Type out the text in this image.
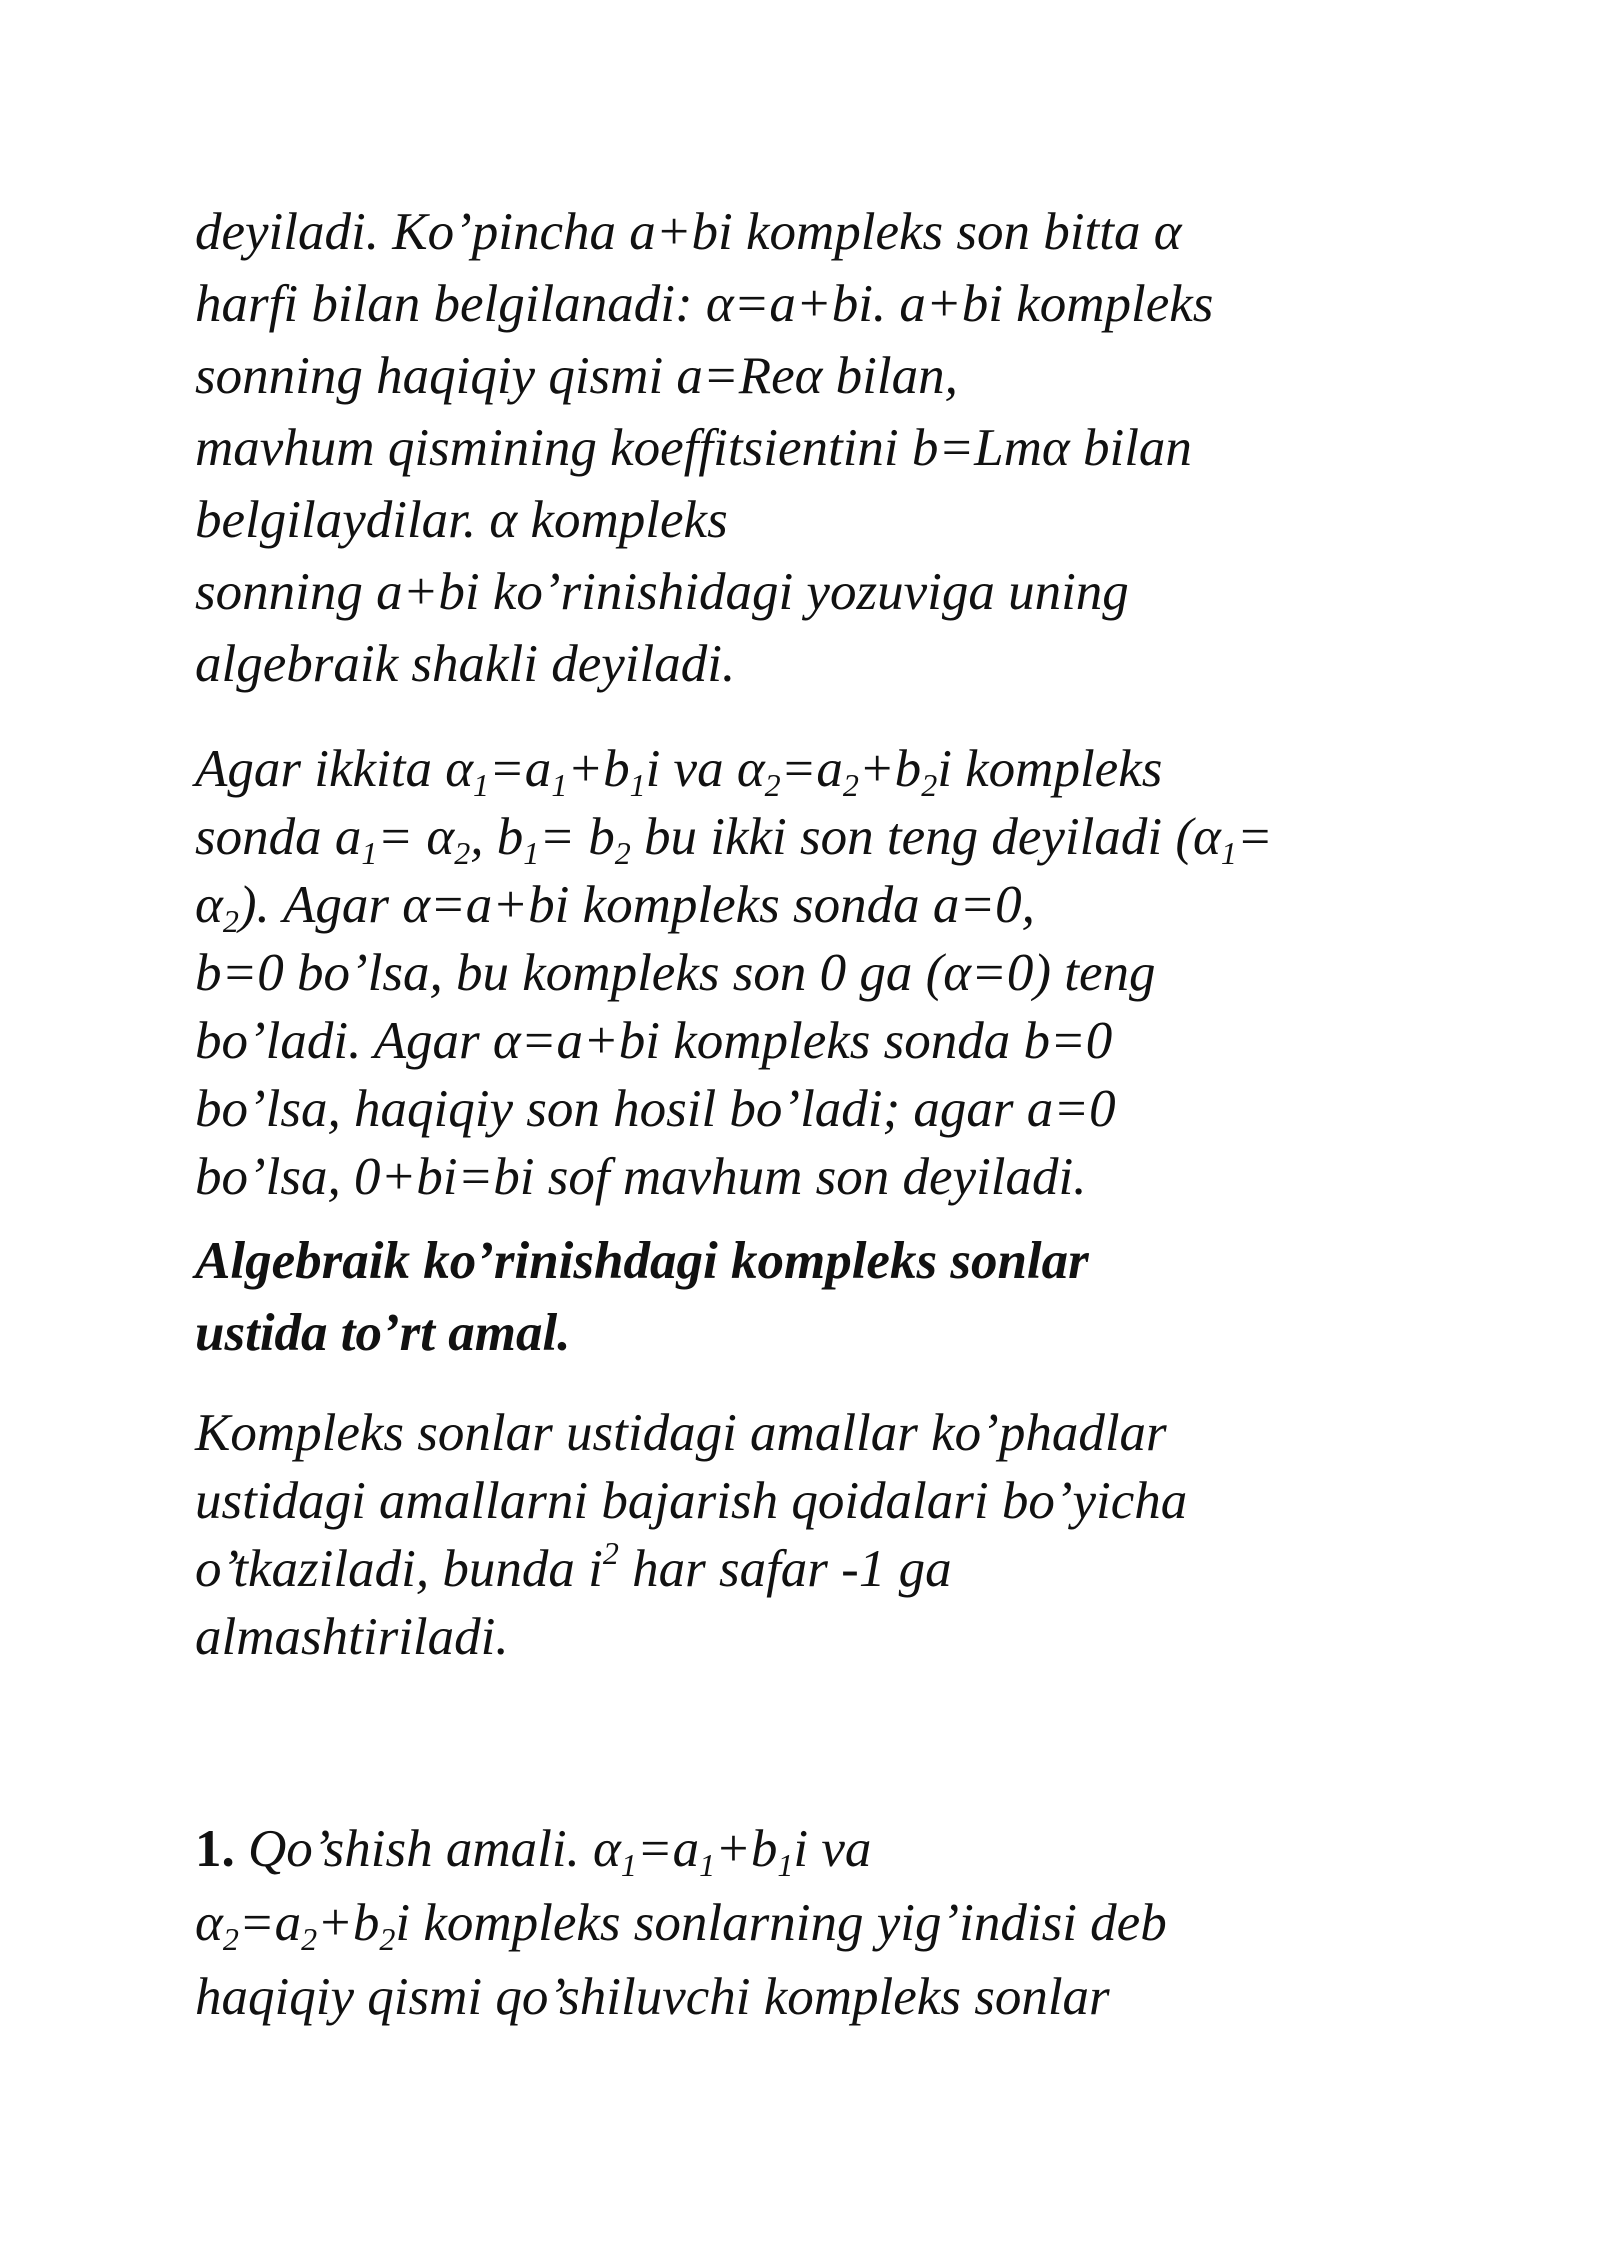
deyiladi. Ko’pincha a+bi kompleks son bitta α
harfi bilan belgilanadi: α=a+bi. a+bi kompleks
sonning haqiqiy qismi a=Reα bilan,
mavhum qismining koeffitsientini b=Lmα bilan
belgilaydilar. α kompleks
sonning a+bi ko’rinishidagi yozuviga uning
algebraik shakli deyiladi.
Agar ikkita $\alpha_1=a_1+b_1i$ va $\alpha_2=a_2+b_2i$ kompleks
sonda $a_1= \alpha_2$, $b_1= b_2$ bu ikki son teng deyiladi ($\alpha_1=$
$\alpha_2$). Agar α=a+bi kompleks sonda a=0,
b=0 bo’lsa, bu kompleks son 0 ga (α=0) teng
bo’ladi. Agar α=a+bi kompleks sonda b=0
bo’lsa, haqiqiy son hosil bo’ladi; agar a=0
bo’lsa, 0+bi=bi sof mavhum son deyiladi.
Algebraik ko’rinishdagi kompleks sonlar
ustida to’rt amal.
Kompleks sonlar ustidagi amallar ko’phadlar
ustidagi amallarni bajarish qoidalari bo’yicha
o’tkaziladi, bunda $i^2$ har safar -1 ga
almashtiriladi.
1. Qo’shish amali. $\alpha_1=a_1+b_1i$ va
$\alpha_2=a_2+b_2i$ kompleks sonlarning yig’indisi deb
haqiqiy qismi qo’shiluvchi kompleks sonlar
